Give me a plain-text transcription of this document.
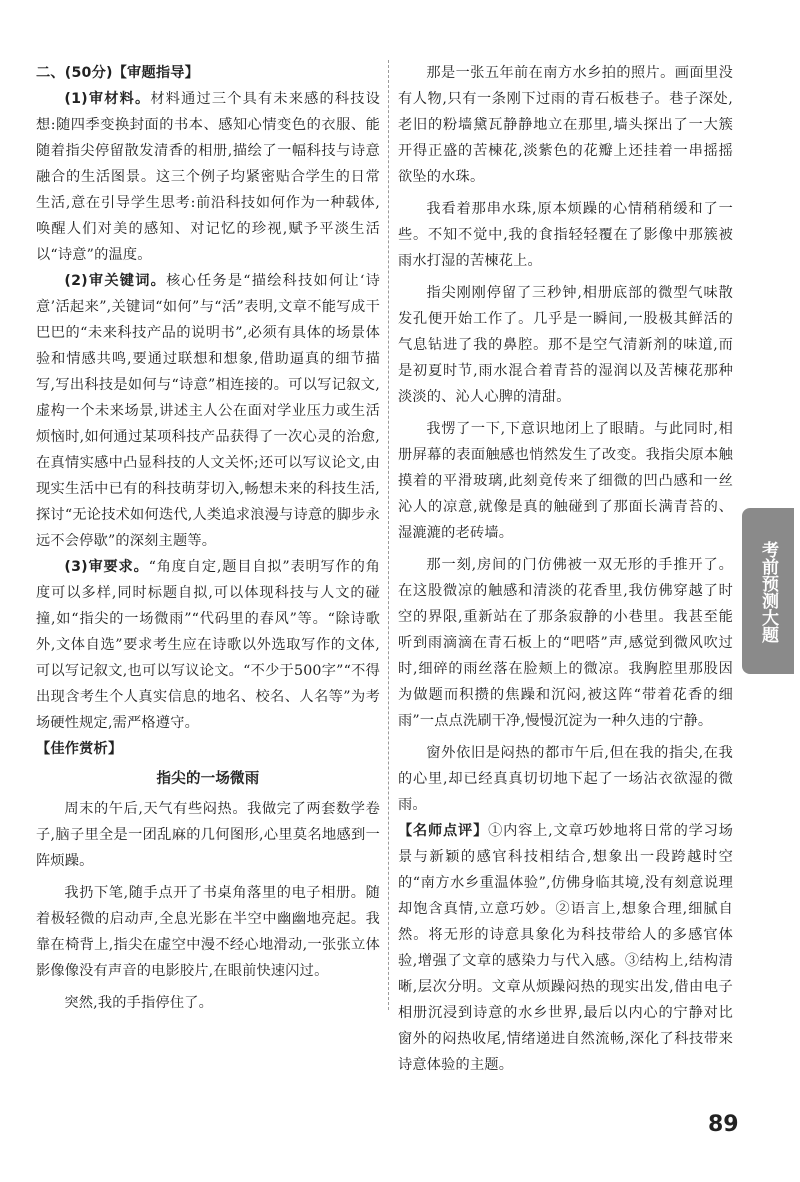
二、(50分)【审题指导】

(1)审材料。材料通过三个具有未来感的科技设想:随四季变换封面的书本、感知心情变色的衣服、能随着指尖停留散发清香的相册,描绘了一幅科技与诗意融合的生活图景。这三个例子均紧密贴合学生的日常生活,意在引导学生思考:前沿科技如何作为一种载体,唤醒人们对美的感知、对记忆的珍视,赋予平淡生活以“诗意”的温度。

(2)审关键词。核心任务是“描绘科技如何让‘诗意’活起来”,关键词“如何”与“活”表明,文章不能写成干巴巴的“未来科技产品的说明书”,必须有具体的场景体验和情感共鸣,要通过联想和想象,借助逼真的细节描写,写出科技是如何与“诗意”相连接的。可以写记叙文,虚构一个未来场景,讲述主人公在面对学业压力或生活烦恼时,如何通过某项科技产品获得了一次心灵的治愈,在真情实感中凸显科技的人文关怀;还可以写议论文,由现实生活中已有的科技萌芽切入,畅想未来的科技生活,探讨“无论技术如何迭代,人类追求浪漫与诗意的脚步永远不会停歇”的深刻主题等。

(3)审要求。“角度自定,题目自拟”表明写作的角度可以多样,同时标题自拟,可以体现科技与人文的碰撞,如“指尖的一场微雨”“代码里的春风”等。“除诗歌外,文体自选”要求考生应在诗歌以外选取写作的文体,可以写记叙文,也可以写议论文。“不少于500字”“不得出现含考生个人真实信息的地名、校名、人名等”为考场硬性规定,需严格遵守。

【佳作赏析】

指尖的一场微雨

周末的午后,天气有些闷热。我做完了两套数学卷子,脑子里全是一团乱麻的几何图形,心里莫名地感到一阵烦躁。

我扔下笔,随手点开了书桌角落里的电子相册。随着极轻微的启动声,全息光影在半空中幽幽地亮起。我靠在椅背上,指尖在虚空中漫不经心地滑动,一张张立体影像像没有声音的电影胶片,在眼前快速闪过。

突然,我的手指停住了。

那是一张五年前在南方水乡拍的照片。画面里没有人物,只有一条刚下过雨的青石板巷子。巷子深处,老旧的粉墙黛瓦静静地立在那里,墙头探出了一大簇开得正盛的苦楝花,淡紫色的花瓣上还挂着一串摇摇欲坠的水珠。

我看着那串水珠,原本烦躁的心情稍稍缓和了一些。不知不觉中,我的食指轻轻覆在了影像中那簇被雨水打湿的苦楝花上。

指尖刚刚停留了三秒钟,相册底部的微型气味散发孔便开始工作了。几乎是一瞬间,一股极其鲜活的气息钻进了我的鼻腔。那不是空气清新剂的味道,而是初夏时节,雨水混合着青苔的湿润以及苦楝花那种淡淡的、沁人心脾的清甜。

我愣了一下,下意识地闭上了眼睛。与此同时,相册屏幕的表面触感也悄然发生了改变。我指尖原本触摸着的平滑玻璃,此刻竟传来了细微的凹凸感和一丝沁人的凉意,就像是真的触碰到了那面长满青苔的、湿漉漉的老砖墙。

那一刻,房间的门仿佛被一双无形的手推开了。在这股微凉的触感和清淡的花香里,我仿佛穿越了时空的界限,重新站在了那条寂静的小巷里。我甚至能听到雨滴滴在青石板上的“吧嗒”声,感觉到微风吹过时,细碎的雨丝落在脸颊上的微凉。我胸腔里那股因为做题而积攒的焦躁和沉闷,被这阵“带着花香的细雨”一点点洗刷干净,慢慢沉淀为一种久违的宁静。

窗外依旧是闷热的都市午后,但在我的指尖,在我的心里,却已经真真切切地下起了一场沾衣欲湿的微雨。

【名师点评】①内容上,文章巧妙地将日常的学习场景与新颖的感官科技相结合,想象出一段跨越时空的“南方水乡重温体验”,仿佛身临其境,没有刻意说理却饱含真情,立意巧妙。②语言上,想象合理,细腻自然。将无形的诗意具象化为科技带给人的多感官体验,增强了文章的感染力与代入感。③结构上,结构清晰,层次分明。文章从烦躁闷热的现实出发,借由电子相册沉浸到诗意的水乡世界,最后以内心的宁静对比窗外的闷热收尾,情绪递进自然流畅,深化了科技带来诗意体验的主题。

考前预测大题
89
